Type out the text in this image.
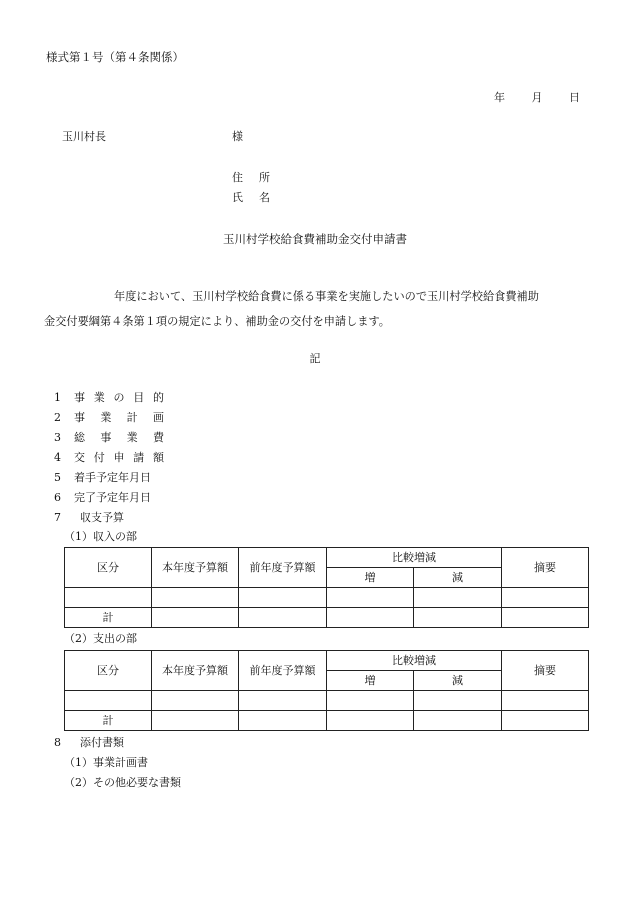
様式第１号（第４条関係）
年 月 日
玉川村長	様
住 所
氏 名
玉川村学校給食費補助金交付申請書
年度において、玉川村学校給食費に係る事業を実施したいので玉川村学校給食費補助
金交付要綱第４条第１項の規定により、補助金の交付を申請します。
記
1 事 業 の 目 的
2 事 業 計 画
3 総 事 業 費
4 交 付 申 請 額
5 着手予定年月日
6 完了予定年月日
7 収支予算
（1）収入の部
区分	本年度予算額	前年度予算額	比較増減		摘要
			増	減	

計					
（2）支出の部
区分	本年度予算額	前年度予算額	比較増減		摘要
			増	減	

計					
8 添付書類
（1）事業計画書
（2）その他必要な書類
